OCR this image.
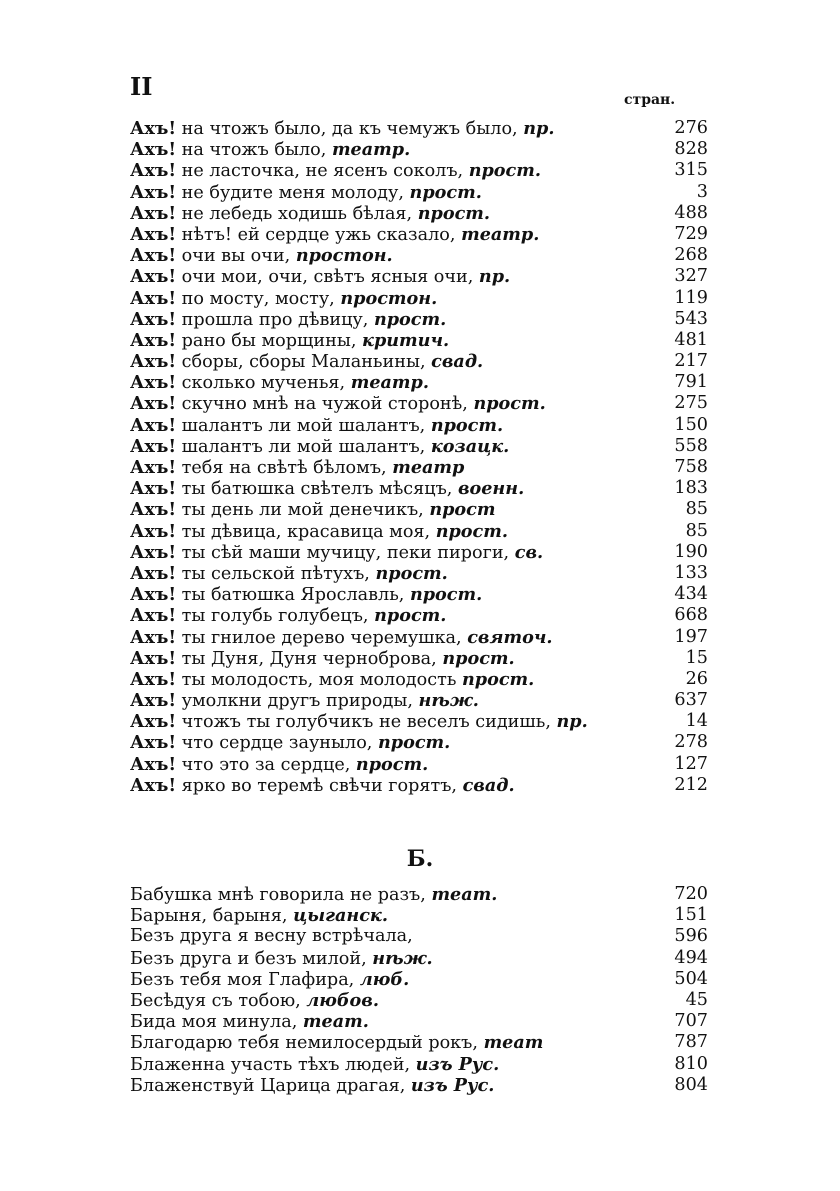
II	стран.
Ахъ! на чтожъ было, да къ чемужъ было, пр.	276
Ахъ! на чтожъ было, театр.	828
Ахъ! не ласточка, не ясенъ соколъ, прост.	315
Ахъ! не будите меня молоду, прост.	3
Ахъ! не лебедь ходишь бѣлая, прост.	488
Ахъ! нѣтъ! ей сердце ужь сказало, театр.	729
Ахъ! очи вы очи, простон.	268
Ахъ! очи мои, очи, свѣтъ ясныя очи, пр.	327
Ахъ! по мосту, мосту, простон.	119
Ахъ! прошла про дѣвицу, прост.	543
Ахъ! рано бы морщины, критич.	481
Ахъ! сборы, сборы Маланьины, свад.	217
Ахъ! сколько мученья, театр.	791
Ахъ! скучно мнѣ на чужой сторонѣ, прост.	275
Ахъ! шалантъ ли мой шалантъ, прост.	150
Ахъ! шалантъ ли мой шалантъ, козацк.	558
Ахъ! тебя на свѣтѣ бѣломъ, театр	758
Ахъ! ты батюшка свѣтелъ мѣсяцъ, военн.	183
Ахъ! ты день ли мой денечикъ, прост	85
Ахъ! ты дѣвица, красавица моя, прост.	85
Ахъ! ты сѣй маши мучицу, пеки пироги, св.	190
Ахъ! ты сельской пѣтухъ, прост.	133
Ахъ! ты батюшка Ярославль, прост.	434
Ахъ! ты голубь голубецъ, прост.	668
Ахъ! ты гнилое дерево черемушка, святоч.	197
Ахъ! ты Дуня, Дуня черноброва, прост.	15
Ахъ! ты молодость, моя молодость прост.	26
Ахъ! умолкни другъ природы, нѣж.	637
Ахъ! чтожъ ты голубчикъ не веселъ сидишь, пр.	14
Ахъ! что сердце заунылo, прост.	278
Ахъ! что это за сердце, прост.	127
Ахъ! ярко во теремѣ свѣчи горятъ, свад.	212
Б.
Бабушка мнѣ говорила не разъ, теат.	720
Барыня, барыня, цыганск.	151
Безъ друга я весну встрѣчала,	596
Безъ друга и безъ милой, нѣж.	494
Безъ тебя моя Глафира, люб.	504
Бесѣдуя съ тобою, любов.	45
Бида моя минула, теат.	707
Благодарю тебя немилосердый рокъ, теат	787
Блаженна участь тѣхъ людей, изъ Рус.	810
Блаженствуй Царица драгая, изъ Рус.	804
